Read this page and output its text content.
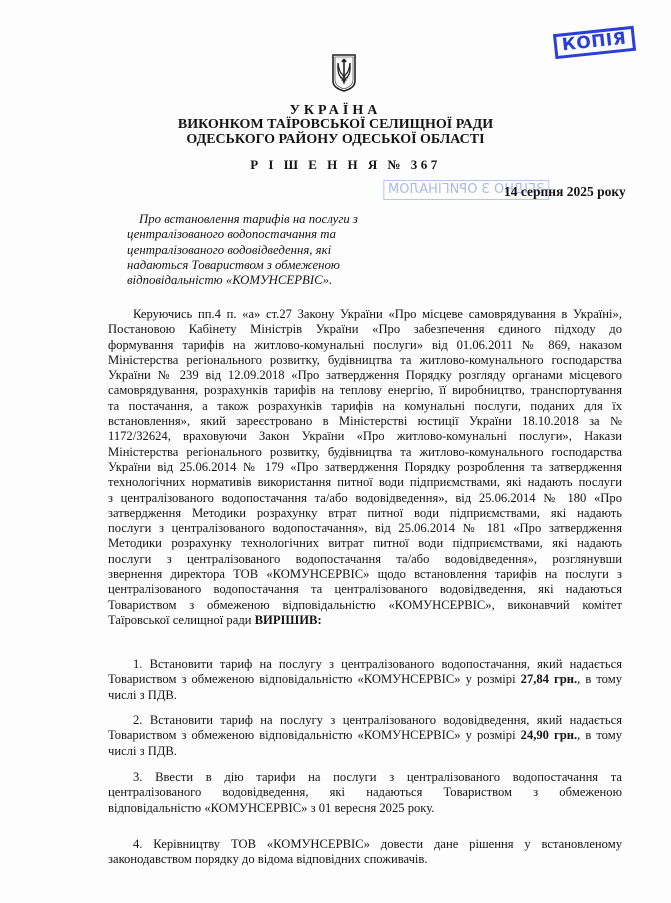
КОПІЯ
УКРАЇНА
ВИКОНКОМ ТАЇРОВСЬКОЇ СЕЛИЩНОЇ РАДИ
ОДЕСЬКОГО РАЙОНУ ОДЕСЬКОЇ ОБЛАСТІ
Р І Ш Е Н Н Я № 367
ЗГІДНО З ОРИГІНАЛОМ
14 серпня 2025 року
Про встановлення тарифів на послуги з
централізованого водопостачання та
централізованого водовідведення, які
надаються Товариством з обмеженою
відповідальністю «КОМУНСЕРВІС».
Керуючись пп.4 п. «а» ст.27 Закону України «Про місцеве самоврядування в Україні»,
Постановою Кабінету Міністрів України «Про забезпечення єдиного підходу до
формування тарифів на житлово-комунальні послуги» від 01.06.2011 № 869, наказом
Міністерства регіонального розвитку, будівництва та житлово-комунального господарства
України № 239 від 12.09.2018 «Про затвердження Порядку розгляду органами місцевого
самоврядування, розрахунків тарифів на теплову енергію, її виробництво, транспортування
та постачання, а також розрахунків тарифів на комунальні послуги, поданих для їх
встановлення», який зареєстровано в Міністерстві юстиції України 18.10.2018 за №
1172/32624, враховуючи Закон України «Про житлово-комунальні послуги», Накази
Міністерства регіонального розвитку, будівництва та житлово-комунального господарства
України від 25.06.2014 № 179 «Про затвердження Порядку розроблення та затвердження
технологічних нормативів використання питної води підприємствами, які надають послуги
з централізованого водопостачання та/або водовідведення», від 25.06.2014 № 180 «Про
затвердження Методики розрахунку втрат питної води підприємствами, які надають
послуги з централізованого водопостачання», від 25.06.2014 № 181 «Про затвердження
Методики розрахунку технологічних витрат питної води підприємствами, які надають
послуги з централізованого водопостачання та/або водовідведення», розглянувши
звернення директора ТОВ «КОМУНСЕРВІС» щодо встановлення тарифів на послуги з
централізованого водопостачання та централізованого водовідведення, які надаються
Товариством з обмеженою відповідальністю «КОМУНСЕРВІС», виконавчий комітет
Таїровської селищної ради ВИРІШИВ:
1. Встановити тариф на послугу з централізованого водопостачання, який надається
Товариством з обмеженою відповідальністю «КОМУНСЕРВІС» у розмірі 27,84 грн., в тому
числі з ПДВ.
2. Встановити тариф на послугу з централізованого водовідведення, який надається
Товариством з обмеженою відповідальністю «КОМУНСЕРВІС» у розмірі 24,90 грн., в тому
числі з ПДВ.
3. Ввести в дію тарифи на послуги з централізованого водопостачання та
централізованого водовідведення, які надаються Товариством з обмеженою
відповідальністю «КОМУНСЕРВІС» з 01 вересня 2025 року.
4. Керівництву ТОВ «КОМУНСЕРВІС» довести дане рішення у встановленому
законодавством порядку до відома відповідних споживачів.
